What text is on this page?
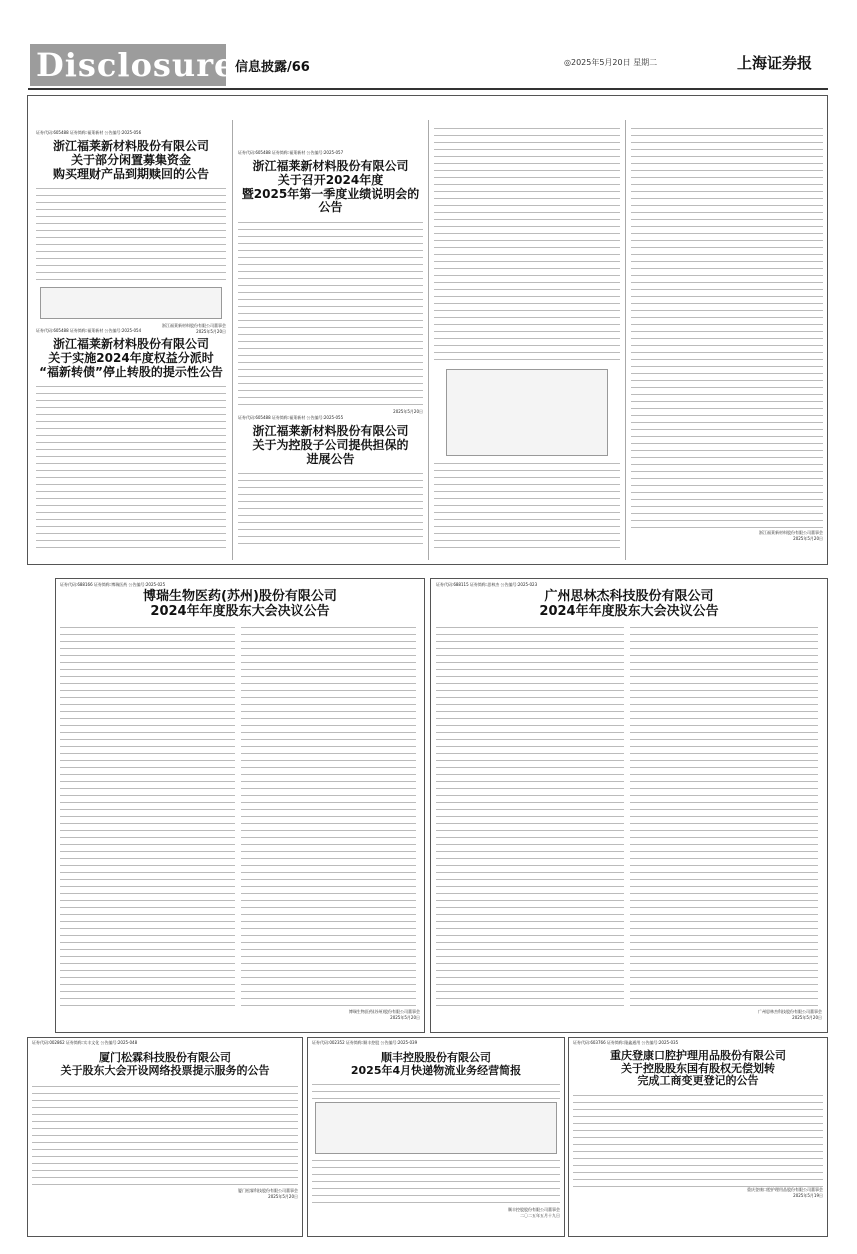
Disclosure 信息披露/66	◎2025年5月20日 星期二	上海证券报
证券代码:605488 证券简称:福莱新材 公告编号:2025-056
浙江福莱新材料股份有限公司
关于部分闲置募集资金
购买理财产品到期赎回的公告
浙江福莱新材料股份有限公司董事会
2025年5月20日
证券代码:605488 证券简称:福莱新材 公告编号:2025-054
浙江福莱新材料股份有限公司
关于实施2024年度权益分派时
“福新转债”停止转股的提示性公告
证券代码:605488 证券简称:福莱新材 公告编号:2025-057
浙江福莱新材料股份有限公司
关于召开2024年度
暨2025年第一季度业绩说明会的公告
2025年5月20日
证券代码:605488 证券简称:福莱新材 公告编号:2025-055
浙江福莱新材料股份有限公司
关于为控股子公司提供担保的
进展公告
浙江福莱新材料股份有限公司董事会
2025年5月20日
证券代码:688166 证券简称:博瑞医药 公告编号:2025-025
博瑞生物医药(苏州)股份有限公司
2024年年度股东大会决议公告
博瑞生物医药(苏州)股份有限公司董事会
2025年5月20日
证券代码:688115 证券简称:思林杰 公告编号:2025-023
广州思林杰科技股份有限公司
2024年年度股东大会决议公告
广州思林杰科技股份有限公司董事会
2025年5月20日
证券代码:002862 证券简称:实丰文化 公告编号:2025-048
厦门松霖科技股份有限公司
关于股东大会开设网络投票提示服务的公告
厦门松霖科技股份有限公司董事会
2025年5月20日
证券代码:002352 证券简称:顺丰控股 公告编号:2025-039
顺丰控股股份有限公司
2025年4月快递物流业务经营简报
顺丰控股股份有限公司董事会
二〇二五年五月十九日
证券代码:603766 证券简称:隆鑫通用 公告编号:2025-035
重庆登康口腔护理用品股份有限公司
关于控股股东国有股权无偿划转
完成工商变更登记的公告
重庆登康口腔护理用品股份有限公司董事会
2025年5月19日
